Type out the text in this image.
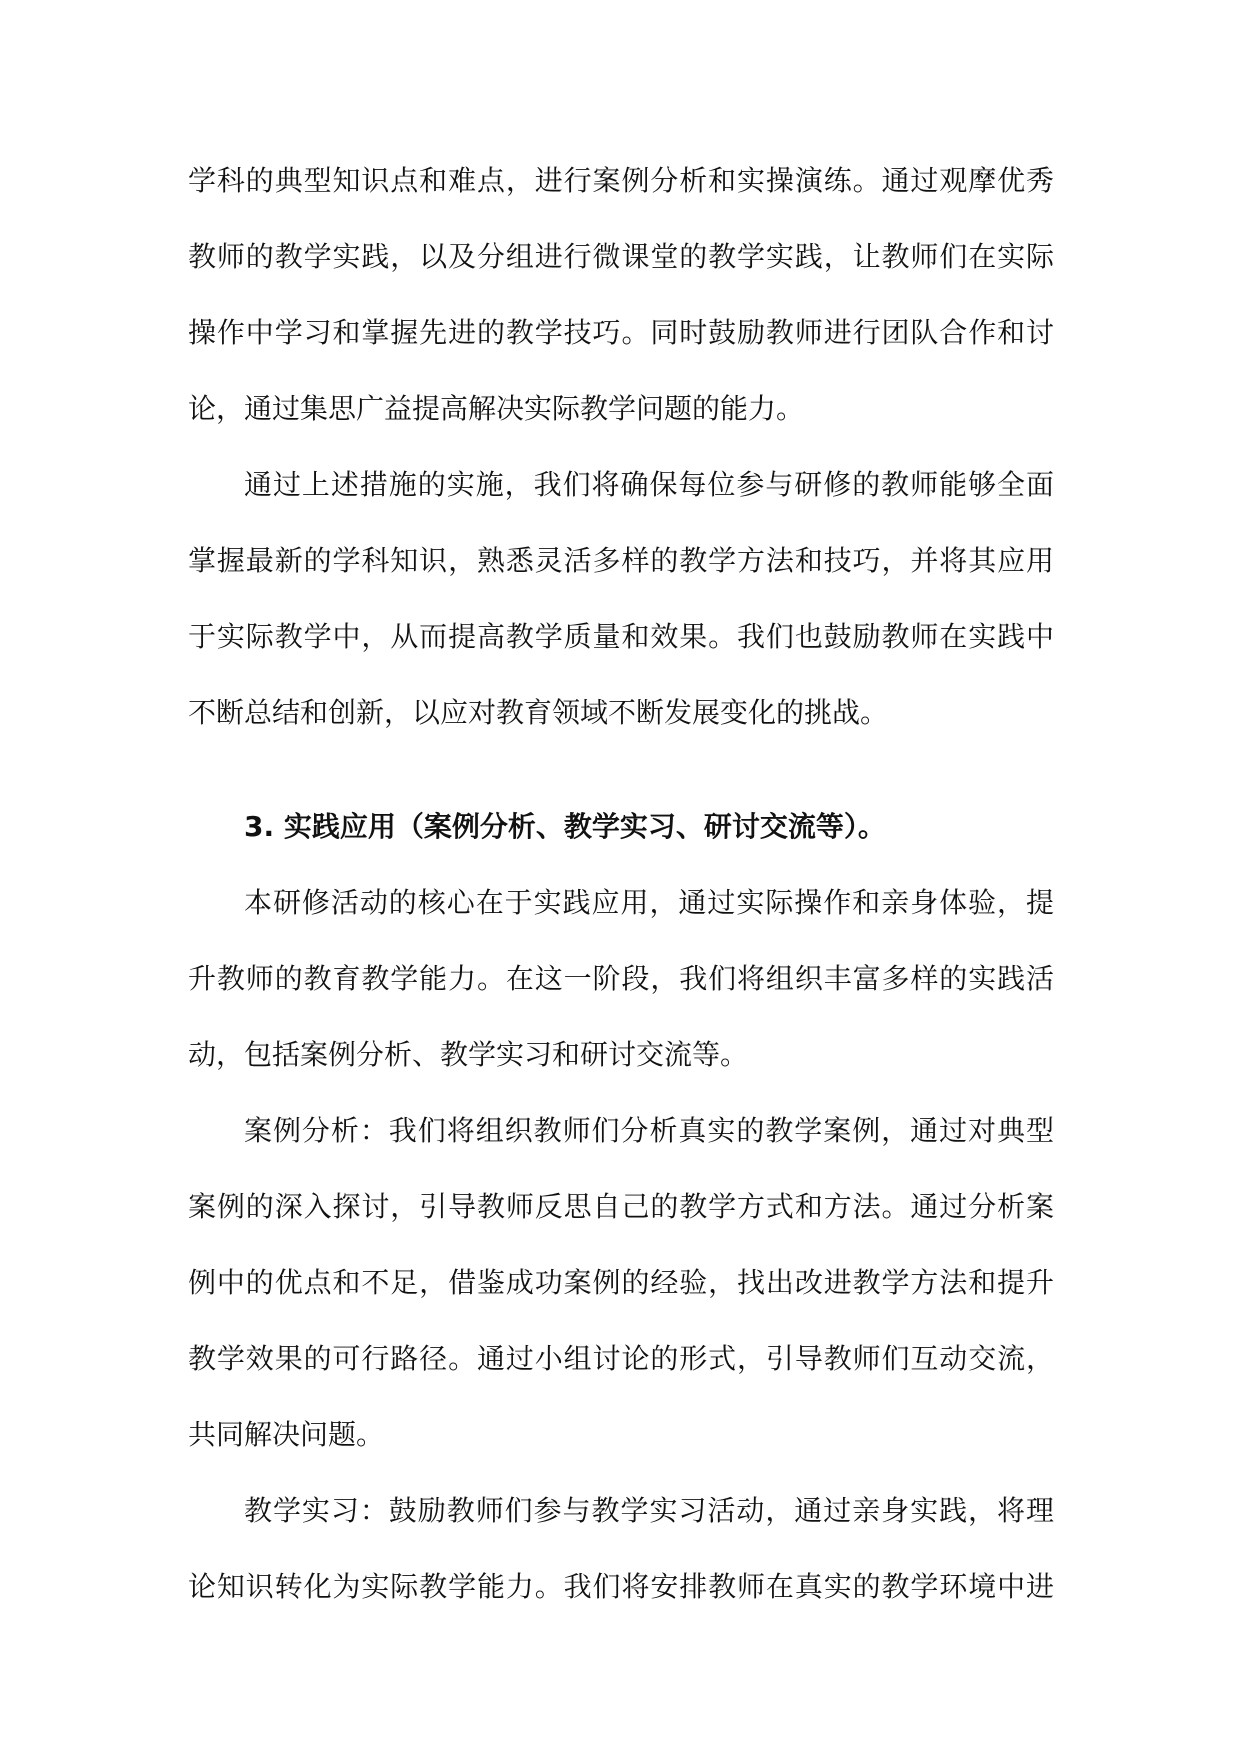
学科的典型知识点和难点，进行案例分析和实操演练。通过观摩优秀
教师的教学实践，以及分组进行微课堂的教学实践，让教师们在实际
操作中学习和掌握先进的教学技巧。同时鼓励教师进行团队合作和讨
论，通过集思广益提高解决实际教学问题的能力。
通过上述措施的实施，我们将确保每位参与研修的教师能够全面
掌握最新的学科知识，熟悉灵活多样的教学方法和技巧，并将其应用
于实际教学中，从而提高教学质量和效果。我们也鼓励教师在实践中
不断总结和创新，以应对教育领域不断发展变化的挑战。
3. 实践应用（案例分析、教学实习、研讨交流等）。
本研修活动的核心在于实践应用，通过实际操作和亲身体验，提
升教师的教育教学能力。在这一阶段，我们将组织丰富多样的实践活
动，包括案例分析、教学实习和研讨交流等。
案例分析：我们将组织教师们分析真实的教学案例，通过对典型
案例的深入探讨，引导教师反思自己的教学方式和方法。通过分析案
例中的优点和不足，借鉴成功案例的经验，找出改进教学方法和提升
教学效果的可行路径。通过小组讨论的形式，引导教师们互动交流，
共同解决问题。
教学实习：鼓励教师们参与教学实习活动，通过亲身实践，将理
论知识转化为实际教学能力。我们将安排教师在真实的教学环境中进
